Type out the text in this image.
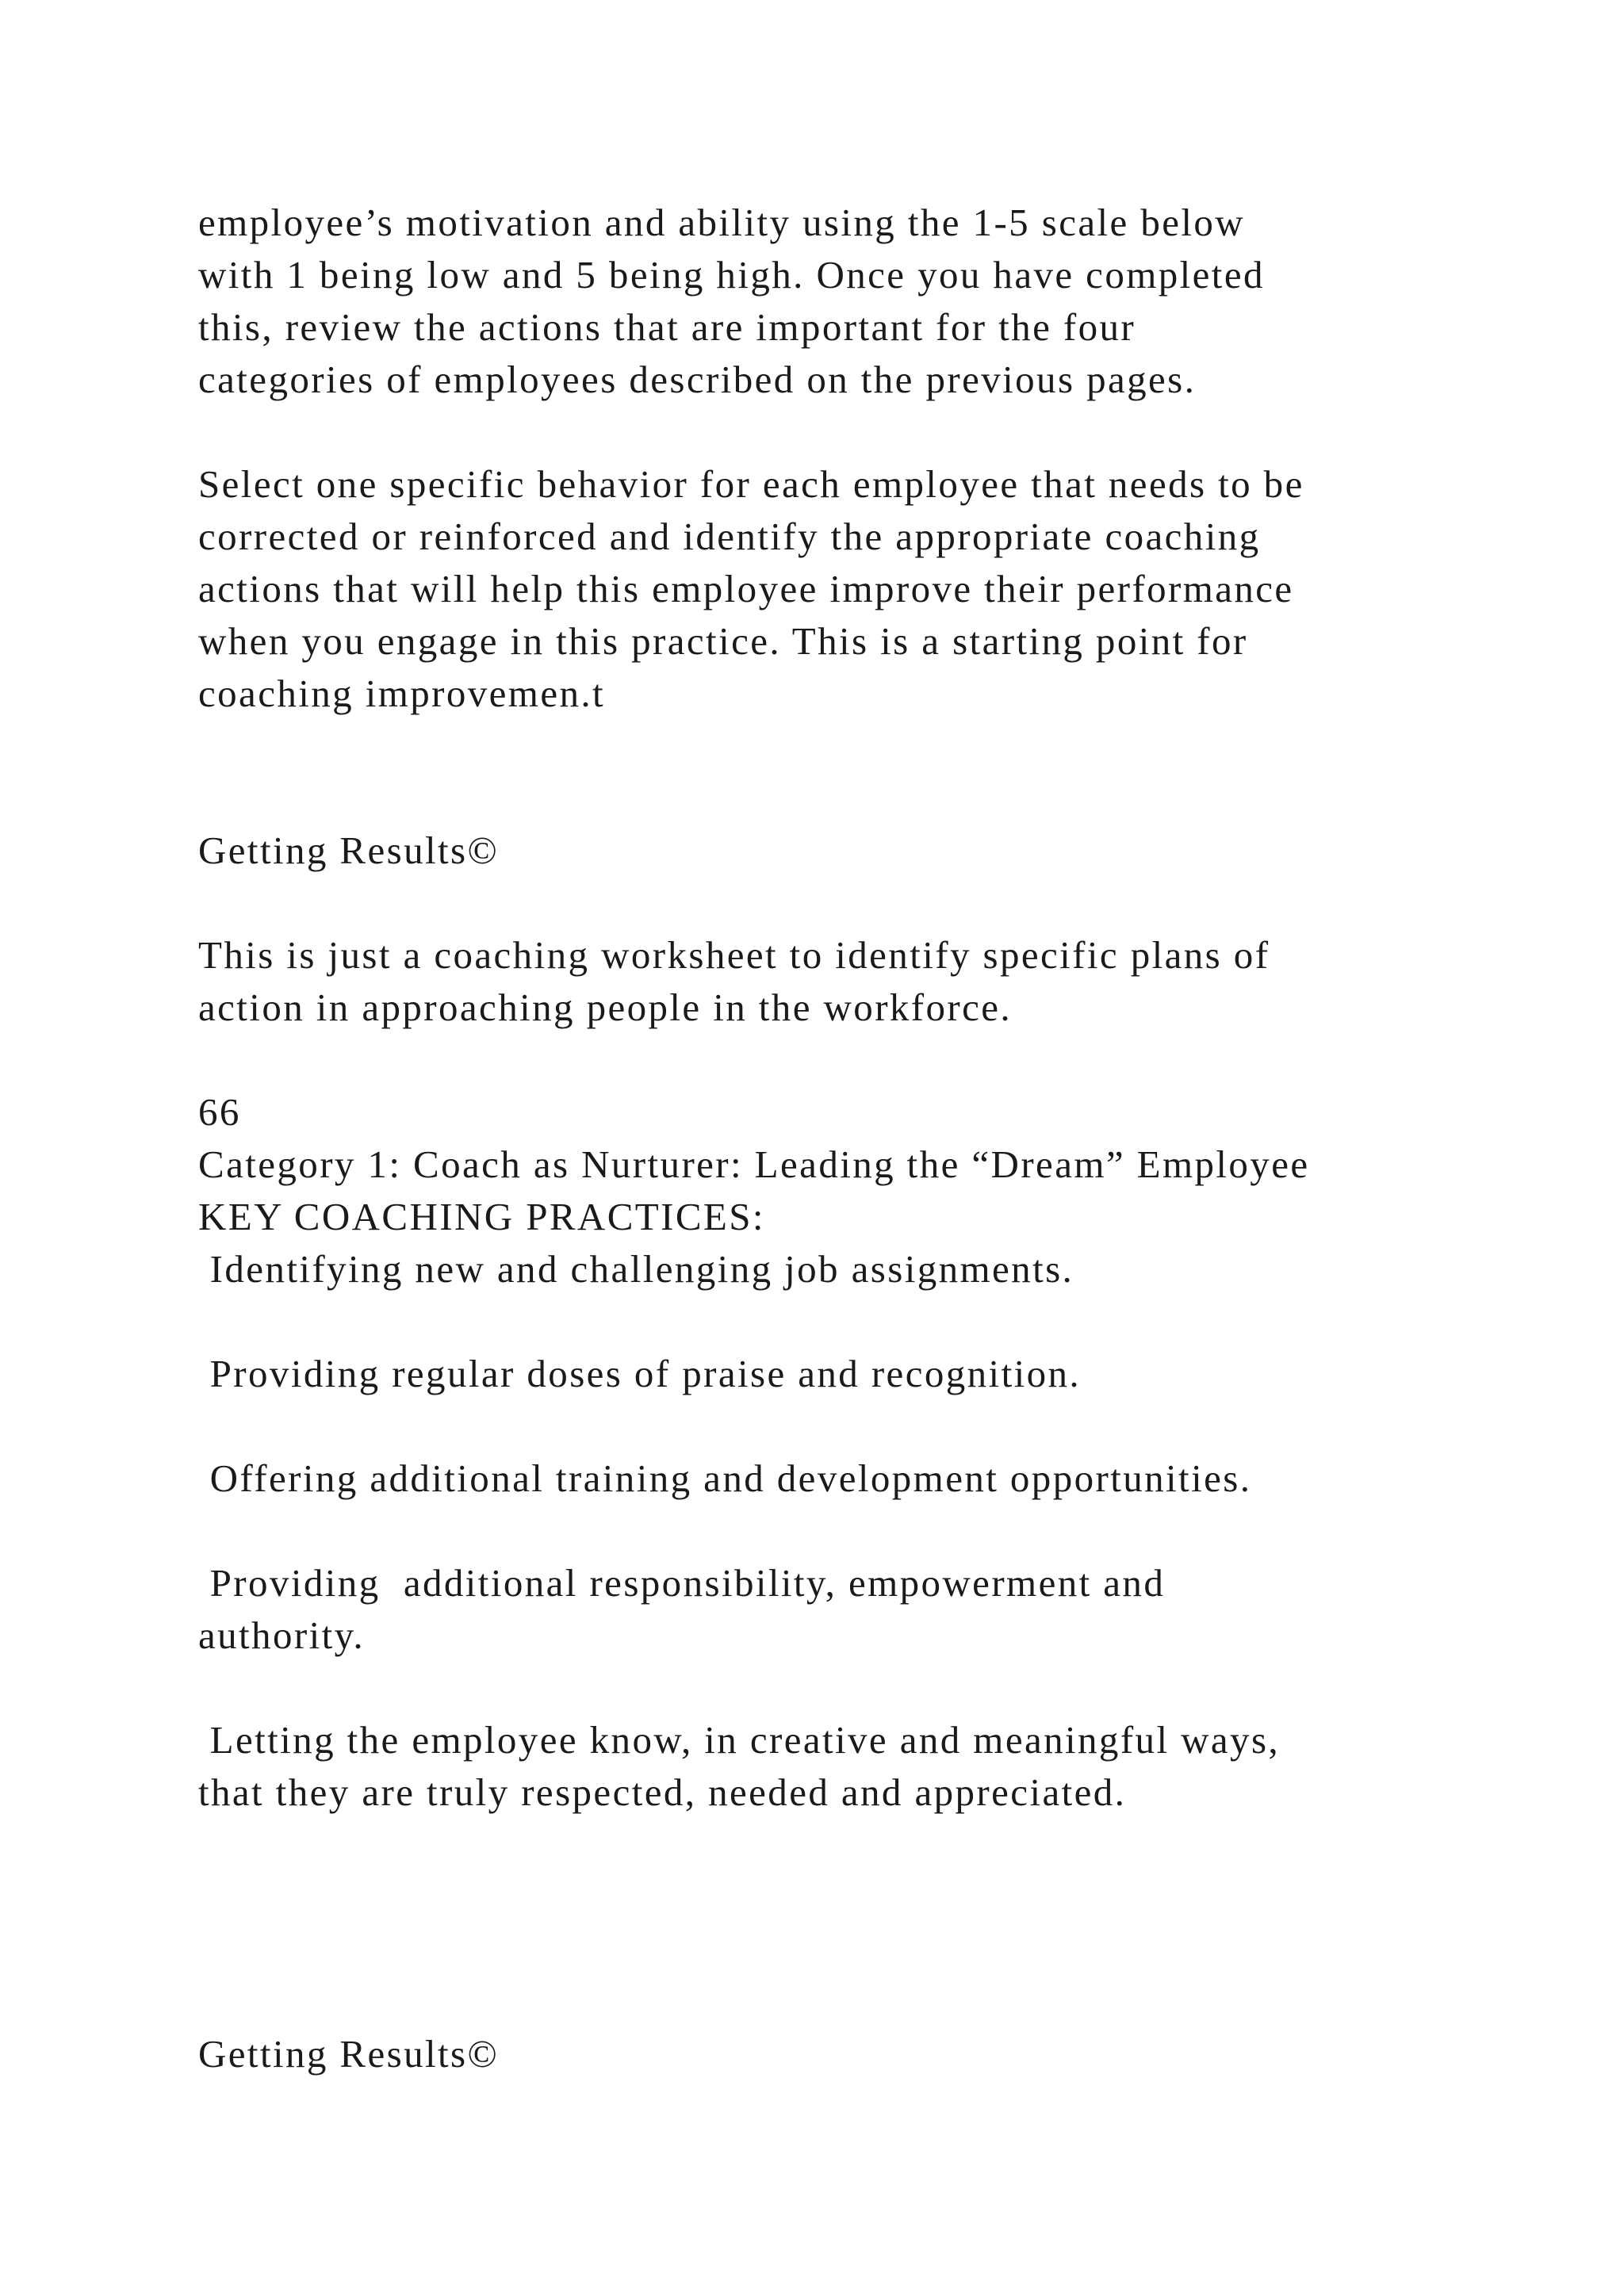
employee’s motivation and ability using the 1-5 scale below

with 1 being low and 5 being high. Once you have completed

this, review the actions that are important for the four

categories of employees described on the previous pages.

Select one specific behavior for each employee that needs to be

corrected or reinforced and identify the appropriate coaching

actions that will help this employee improve their performance

when you engage in this practice. This is a starting point for

coaching improvemen.t

Getting Results©

This is just a coaching worksheet to identify specific plans of

action in approaching people in the workforce.

66

Category 1: Coach as Nurturer: Leading the “Dream” Employee

KEY COACHING PRACTICES:

Identifying new and challenging job assignments.

Providing regular doses of praise and recognition.

Offering additional training and development opportunities.

Providing  additional responsibility, empowerment and

authority.

Letting the employee know, in creative and meaningful ways,

that they are truly respected, needed and appreciated.

Getting Results©
